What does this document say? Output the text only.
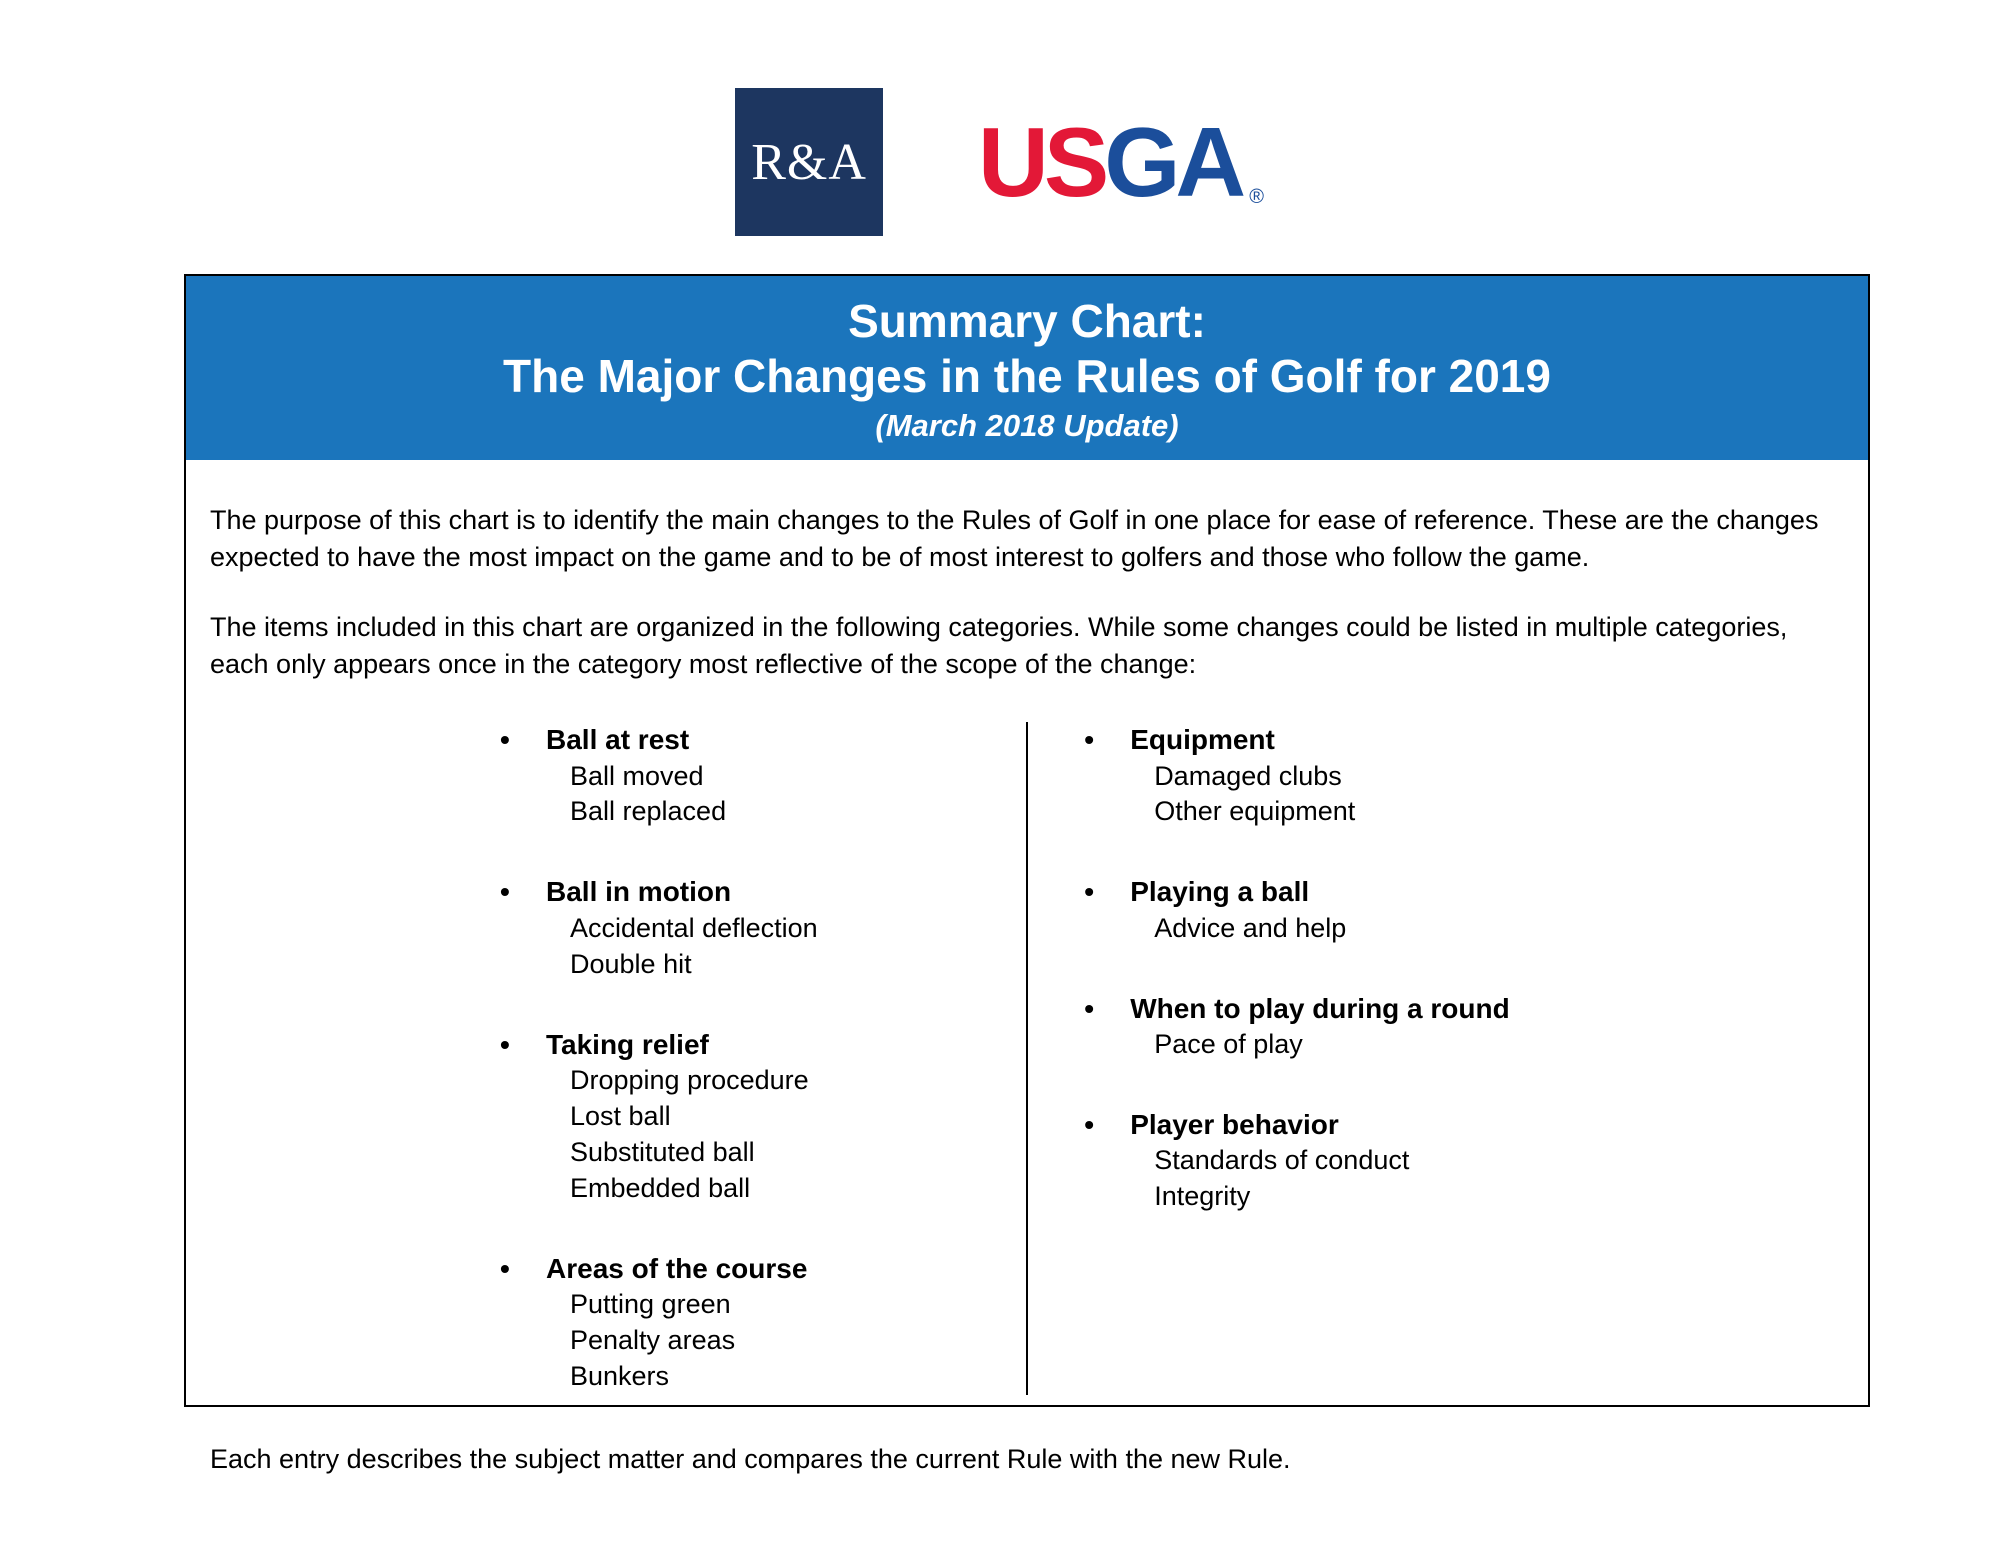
R&A US GA ®
Summary Chart:
The Major Changes in the Rules of Golf for 2019
(March 2018 Update)

The purpose of this chart is to identify the main changes to the Rules of Golf in one place for ease of reference. These are the changes expected to have the most impact on the game and to be of most interest to golfers and those who follow the game.

The items included in this chart are organized in the following categories. While some changes could be listed in multiple categories, each only appears once in the category most reflective of the scope of the change:

•	Ball at rest
Ball moved
Ball replaced
•	Ball in motion
Accidental deflection
Double hit
•	Taking relief
Dropping procedure
Lost ball
Substituted ball
Embedded ball
•	Areas of the course
Putting green
Penalty areas
Bunkers
•	Equipment
Damaged clubs
Other equipment
•	Playing a ball
Advice and help
•	When to play during a round
Pace of play
•	Player behavior
Standards of conduct
Integrity

Each entry describes the subject matter and compares the current Rule with the new Rule.
